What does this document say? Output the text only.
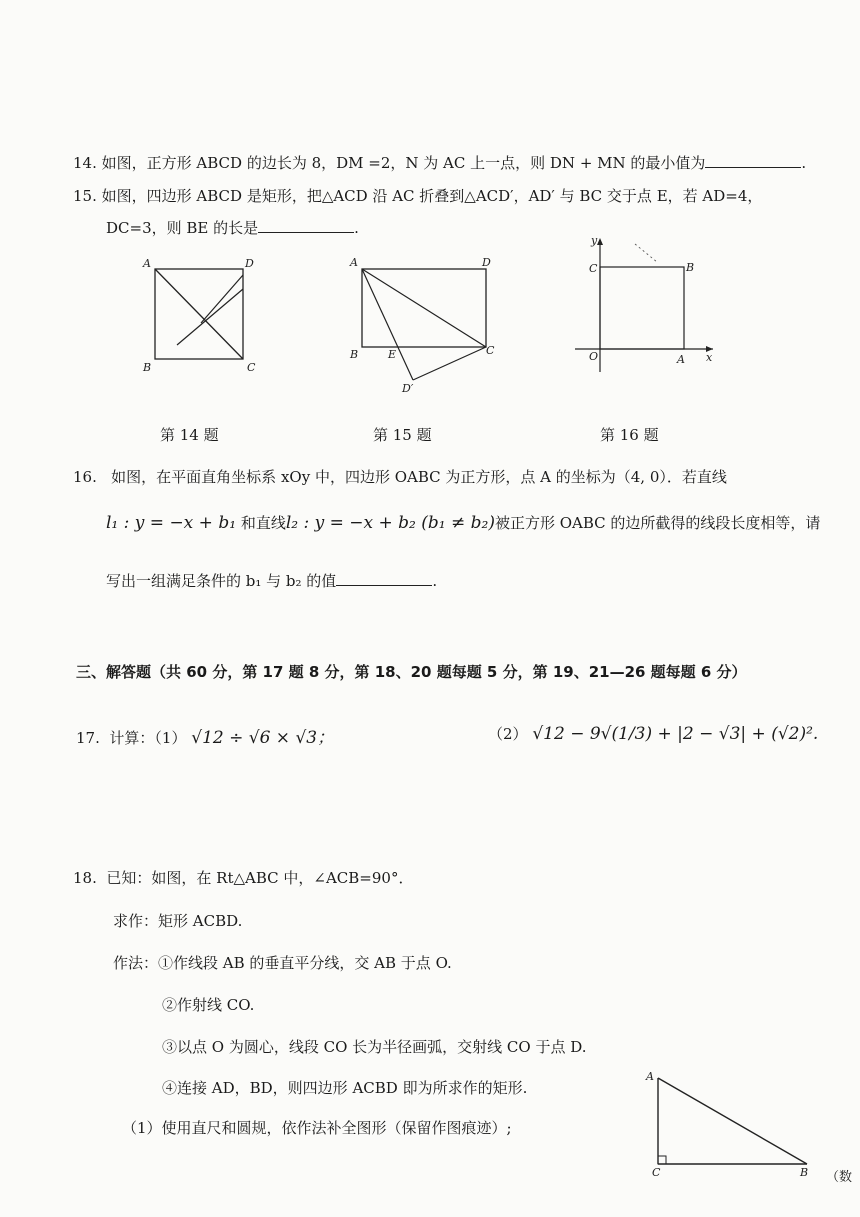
14. 如图，正方形 ABCD 的边长为 8，DM =2，N 为 AC 上一点，则 DN + MN 的最小值为	.
15. 如图，四边形 ABCD 是矩形，把△ACD 沿 AC 折叠到△ACD′，AD′ 与 BC 交于点 E，若 AD=4，
DC=3，则 BE 的长是	.
A	D
B	C
A	D
B	E	C
D′
y
C	B
O	A x
第 14 题	第 15 题	第 16 题
16. 如图，在平面直角坐标系 xOy 中，四边形 OABC 为正方形，点 A 的坐标为（4, 0）．若直线
l₁ : y = −x + b₁ 和直线l₂ : y = −x + b₂ (b₁ ≠ b₂)被正方形 OABC 的边所截得的线段长度相等，请
写出一组满足条件的 b₁ 与 b₂ 的值	.
三、解答题（共 60 分，第 17 题 8 分，第 18、20 题每题 5 分，第 19、21—26 题每题 6 分）
17. 计算：（1） √12 ÷ √6 × √3；	（2） √12 − 9√(1/3) + |2 − √3| + (√2)².
18. 已知：如图，在 Rt△ABC 中，∠ACB=90°．
求作：矩形 ACBD.
作法：①作线段 AB 的垂直平分线，交 AB 于点 O.
②作射线 CO.
③以点 O 为圆心，线段 CO 长为半径画弧，交射线 CO 于点 D.
④连接 AD，BD，则四边形 ACBD 即为所求作的矩形.
（1）使用直尺和圆规，依作法补全图形（保留作图痕迹）;
A
C	B （数
